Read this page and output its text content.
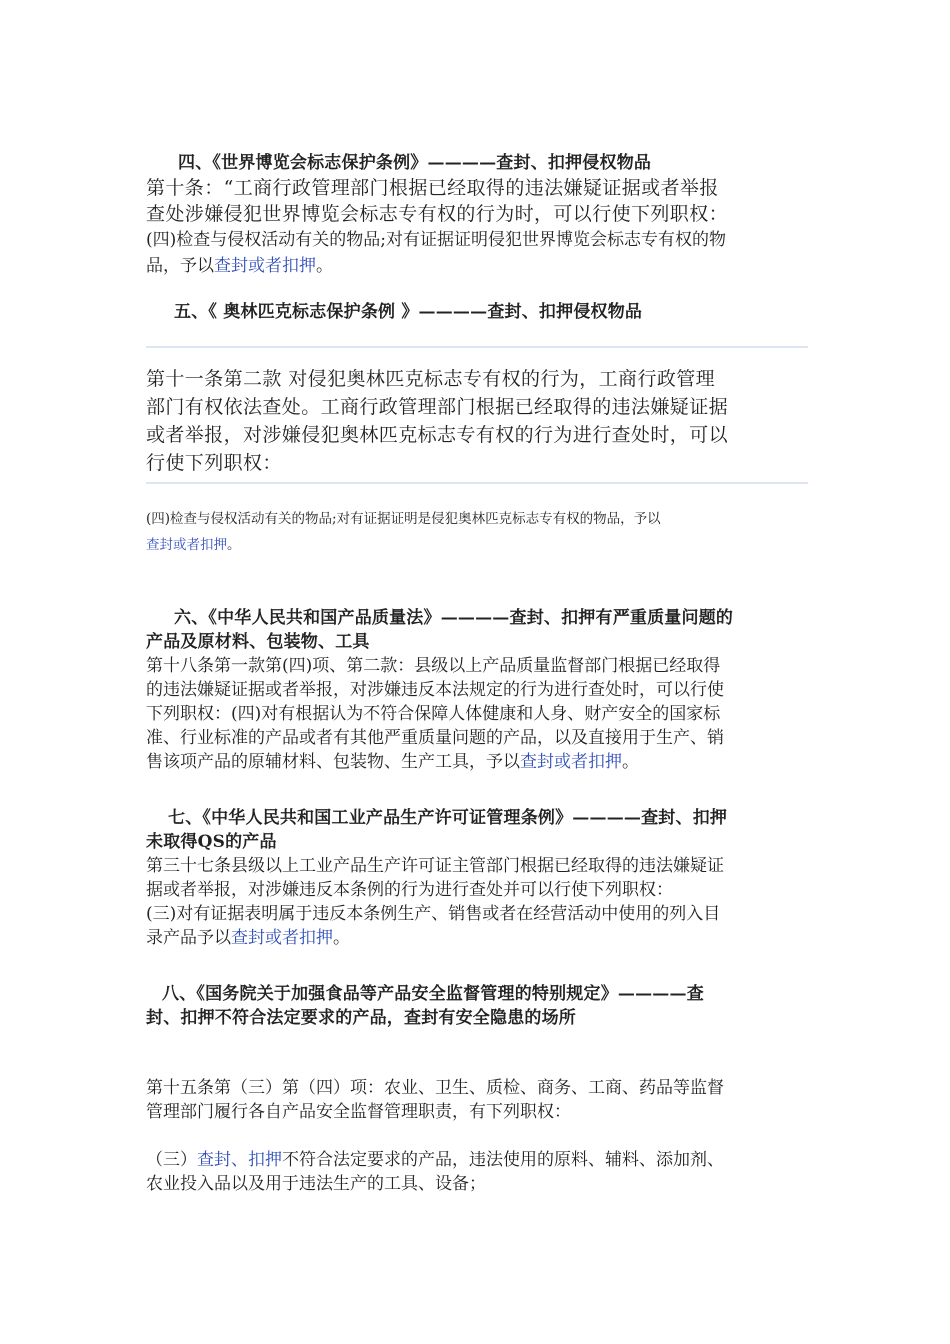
四、《世界博览会标志保护条例》————查封、扣押侵权物品
第十条：“工商行政管理部门根据已经取得的违法嫌疑证据或者举报
查处涉嫌侵犯世界博览会标志专有权的行为时，可以行使下列职权：
(四)检查与侵权活动有关的物品;对有证据证明侵犯世界博览会标志专有权的物
品，予以查封或者扣押。
五、《 奥林匹克标志保护条例 》————查封、扣押侵权物品
第十一条第二款 对侵犯奥林匹克标志专有权的行为，工商行政管理
部门有权依法查处。工商行政管理部门根据已经取得的违法嫌疑证据
或者举报，对涉嫌侵犯奥林匹克标志专有权的行为进行查处时，可以
行使下列职权：
(四)检查与侵权活动有关的物品;对有证据证明是侵犯奥林匹克标志专有权的物品，予以
查封或者扣押。
六、《中华人民共和国产品质量法》————查封、扣押有严重质量问题的
产品及原材料、包装物、工具
第十八条第一款第(四)项、第二款：县级以上产品质量监督部门根据已经取得
的违法嫌疑证据或者举报，对涉嫌违反本法规定的行为进行查处时，可以行使
下列职权：(四)对有根据认为不符合保障人体健康和人身、财产安全的国家标
准、行业标准的产品或者有其他严重质量问题的产品，以及直接用于生产、销
售该项产品的原辅材料、包装物、生产工具，予以查封或者扣押。
七、《中华人民共和国工业产品生产许可证管理条例》————查封、扣押
未取得QS的产品
第三十七条县级以上工业产品生产许可证主管部门根据已经取得的违法嫌疑证
据或者举报，对涉嫌违反本条例的行为进行查处并可以行使下列职权：
(三)对有证据表明属于违反本条例生产、销售或者在经营活动中使用的列入目
录产品予以查封或者扣押。
八、《国务院关于加强食品等产品安全监督管理的特别规定》————查
封、扣押不符合法定要求的产品，查封有安全隐患的场所
第十五条第（三）第（四）项：农业、卫生、质检、商务、工商、药品等监督
管理部门履行各自产品安全监督管理职责，有下列职权：
（三）查封、扣押不符合法定要求的产品，违法使用的原料、辅料、添加剂、
农业投入品以及用于违法生产的工具、设备；
